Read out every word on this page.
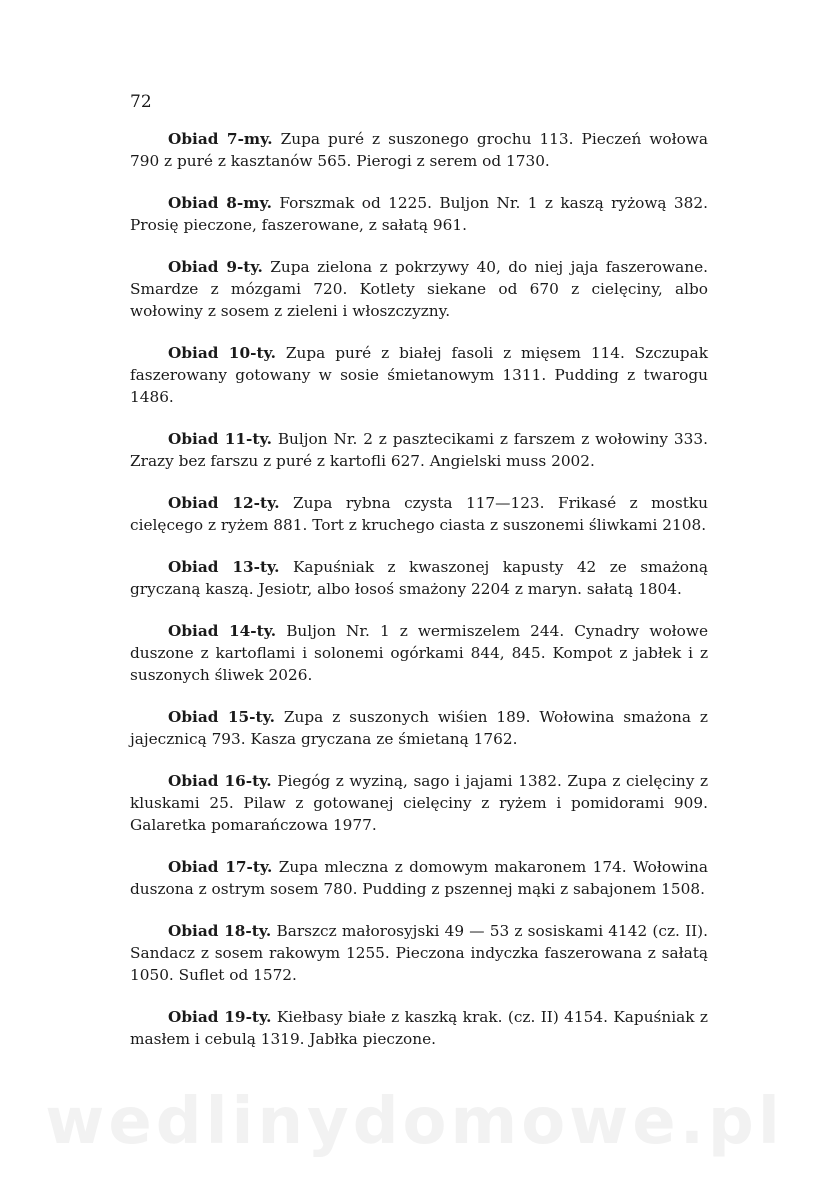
72

Obiad 7-my. Zupa puré z suszonego grochu 113. Pieczeń wołowa 790 z puré z kasztanów 565. Pierogi z serem od 1730.

Obiad 8-my. Forszmak od 1225. Buljon Nr. 1 z kaszą ryżową 382. Prosię pieczone, faszerowane, z sałatą 961.

Obiad 9-ty. Zupa zielona z pokrzywy 40, do niej jaja faszerowane. Smardze z mózgami 720. Kotlety siekane od 670 z cielęciny, albo wołowiny z sosem z zieleni i włoszczyzny.

Obiad 10-ty. Zupa puré z białej fasoli z mięsem 114. Szczupak faszerowany gotowany w sosie śmietanowym 1311. Pudding z twarogu 1486.

Obiad 11-ty. Buljon Nr. 2 z pasztecikami z farszem z wołowiny 333. Zrazy bez farszu z puré z kartofli 627. Angielski muss 2002.

Obiad 12-ty. Zupa rybna czysta 117—123. Frikasé z mostku cielęcego z ryżem 881. Tort z kruchego ciasta z suszonemi śliwkami 2108.

Obiad 13-ty. Kapuśniak z kwaszonej kapusty 42 ze smażoną gryczaną kaszą. Jesiotr, albo łosoś smażony 2204 z maryn. sałatą 1804.

Obiad 14-ty. Buljon Nr. 1 z wermiszelem 244. Cynadry wołowe duszone z kartoflami i solonemi ogórkami 844, 845. Kompot z jabłek i z suszonych śliwek 2026.

Obiad 15-ty. Zupa z suszonych wiśien 189. Wołowina smażona z jajecznicą 793. Kasza gryczana ze śmietaną 1762.

Obiad 16-ty. Piegóg z wyziną, sago i jajami 1382. Zupa z cielęciny z kluskami 25. Pilaw z gotowanej cielęciny z ryżem i pomidorami 909. Galaretka pomarańczowa 1977.

Obiad 17-ty. Zupa mleczna z domowym makaronem 174. Wołowina duszona z ostrym sosem 780. Pudding z pszennej mąki z sabajonem 1508.

Obiad 18-ty. Barszcz małorosyjski 49 — 53 z sosiskami 4142 (cz. II). Sandacz z sosem rakowym 1255. Pieczona indyczka faszerowana z sałatą 1050. Suflet od 1572.

Obiad 19-ty. Kiełbasy białe z kaszką krak. (cz. II) 4154. Kapuśniak z masłem i cebulą 1319. Jabłka pieczone.

wedlinydomowe.pl
